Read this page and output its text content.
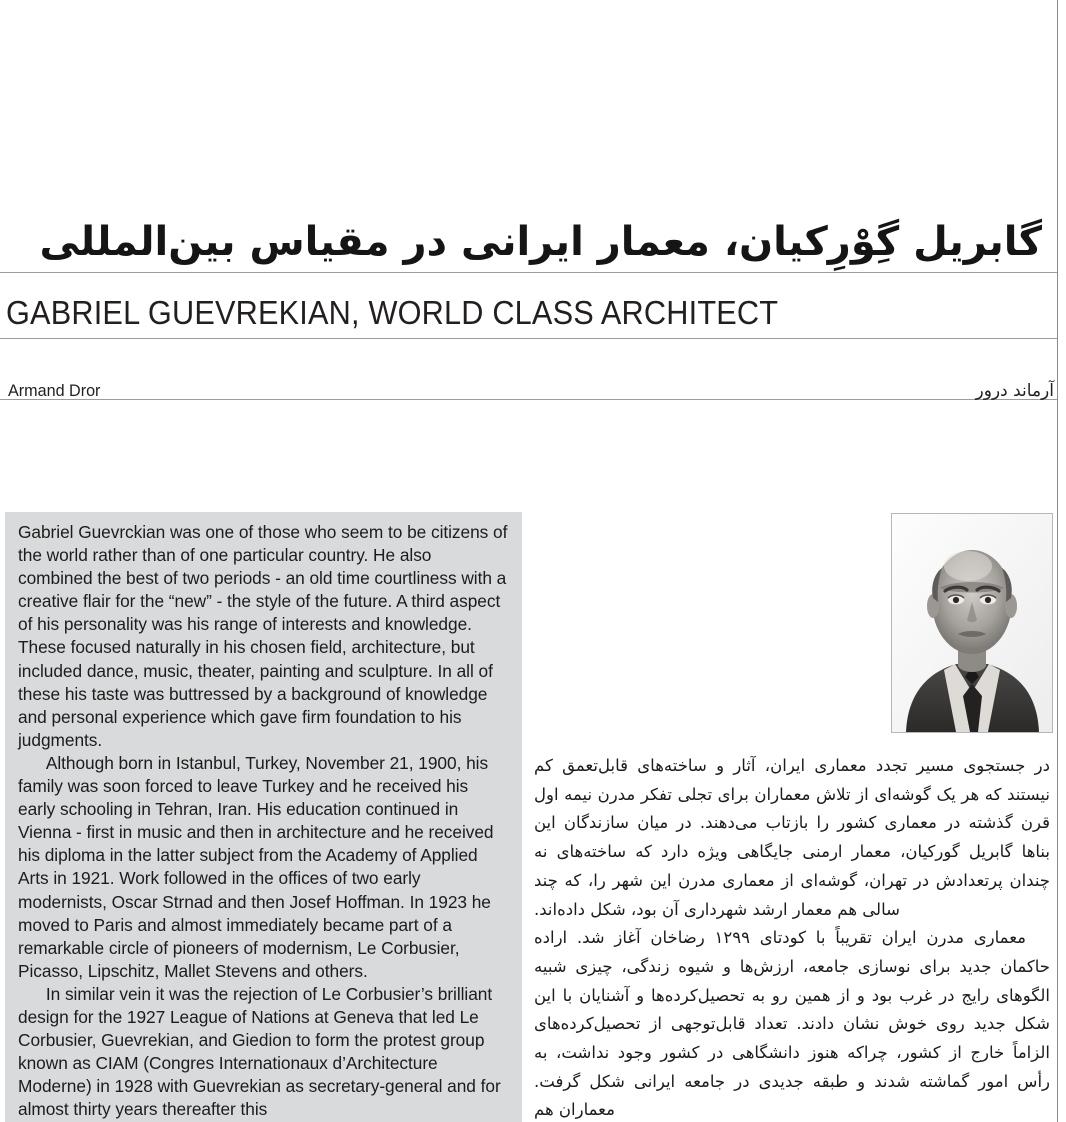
گابریل گِوْرِکیان، معمار ایرانی در مقیاس بین‌المللی
GABRIEL GUEVREKIAN, WORLD CLASS ARCHITECT
Armand Dror	آرماند درور

Gabriel Guevrckian was one of those who seem to be citizens of the world rather than of one particular country. He also combined the best of two periods - an old time courtliness with a creative flair for the “new” - the style of the future. A third aspect of his personality was his range of interests and knowledge. These focused naturally in his chosen field, architecture, but included dance, music, theater, painting and sculpture. In all of these his taste was buttressed by a background of knowledge and personal experience which gave firm foundation to his judgments.

Although born in Istanbul, Turkey, November 21, 1900, his family was soon forced to leave Turkey and he received his early schooling in Tehran, Iran. His education continued in Vienna - first in music and then in architecture and he received his diploma in the latter subject from the Academy of Applied Arts in 1921. Work followed in the offices of two early modernists, Oscar Strnad and then Josef Hoffman. In 1923 he moved to Paris and almost immediately became part of a remarkable circle of pioneers of modernism, Le Corbusier, Picasso, Lipschitz, Mallet Stevens and others.

In similar vein it was the rejection of Le Corbusier’s brilliant design for the 1927 League of Nations at Geneva that led Le Corbusier, Guevrekian, and Giedion to form the protest group known as CIAM (Congres Internationaux d’Architecture Moderne) in 1928 with Guevrekian as secretary-general and for almost thirty years thereafter this

در جستجوی مسیر تجدد معماری ایران، آثار و ساخته‌های قابل‌تعمق کم نیستند که هر یک گوشه‌ای از تلاش معماران برای تجلی تفکر مدرن نیمه اول قرن گذشته در معماری کشور را بازتاب می‌دهند. در میان سازندگان این بناها گابریل گورکیان، معمار ارمنی جایگاهی ویژه دارد که ساخته‌های نه چندان پرتعدادش در تهران، گوشه‌ای از معماری مدرن این شهر را، که چند سالی هم معمار ارشد شهرداری آن بود، شکل داده‌اند.

معماری مدرن ایران تقریباً با کودتای ۱۲۹۹ رضاخان آغاز شد. اراده حاکمان جدید برای نوسازی جامعه، ارزش‌ها و شیوه زندگی، چیزی شبیه الگوهای رایج در غرب بود و از همین رو به تحصیل‌کرده‌ها و آشنایان با این شکل جدید روی خوش نشان دادند. تعداد قابل‌توجهی از تحصیل‌کرده‌های الزاماً خارج از کشور، چراکه هنوز دانشگاهی در کشور وجود نداشت، به رأس امور گماشته شدند و طبقه جدیدی در جامعه ایرانی شکل گرفت. معماران هم
